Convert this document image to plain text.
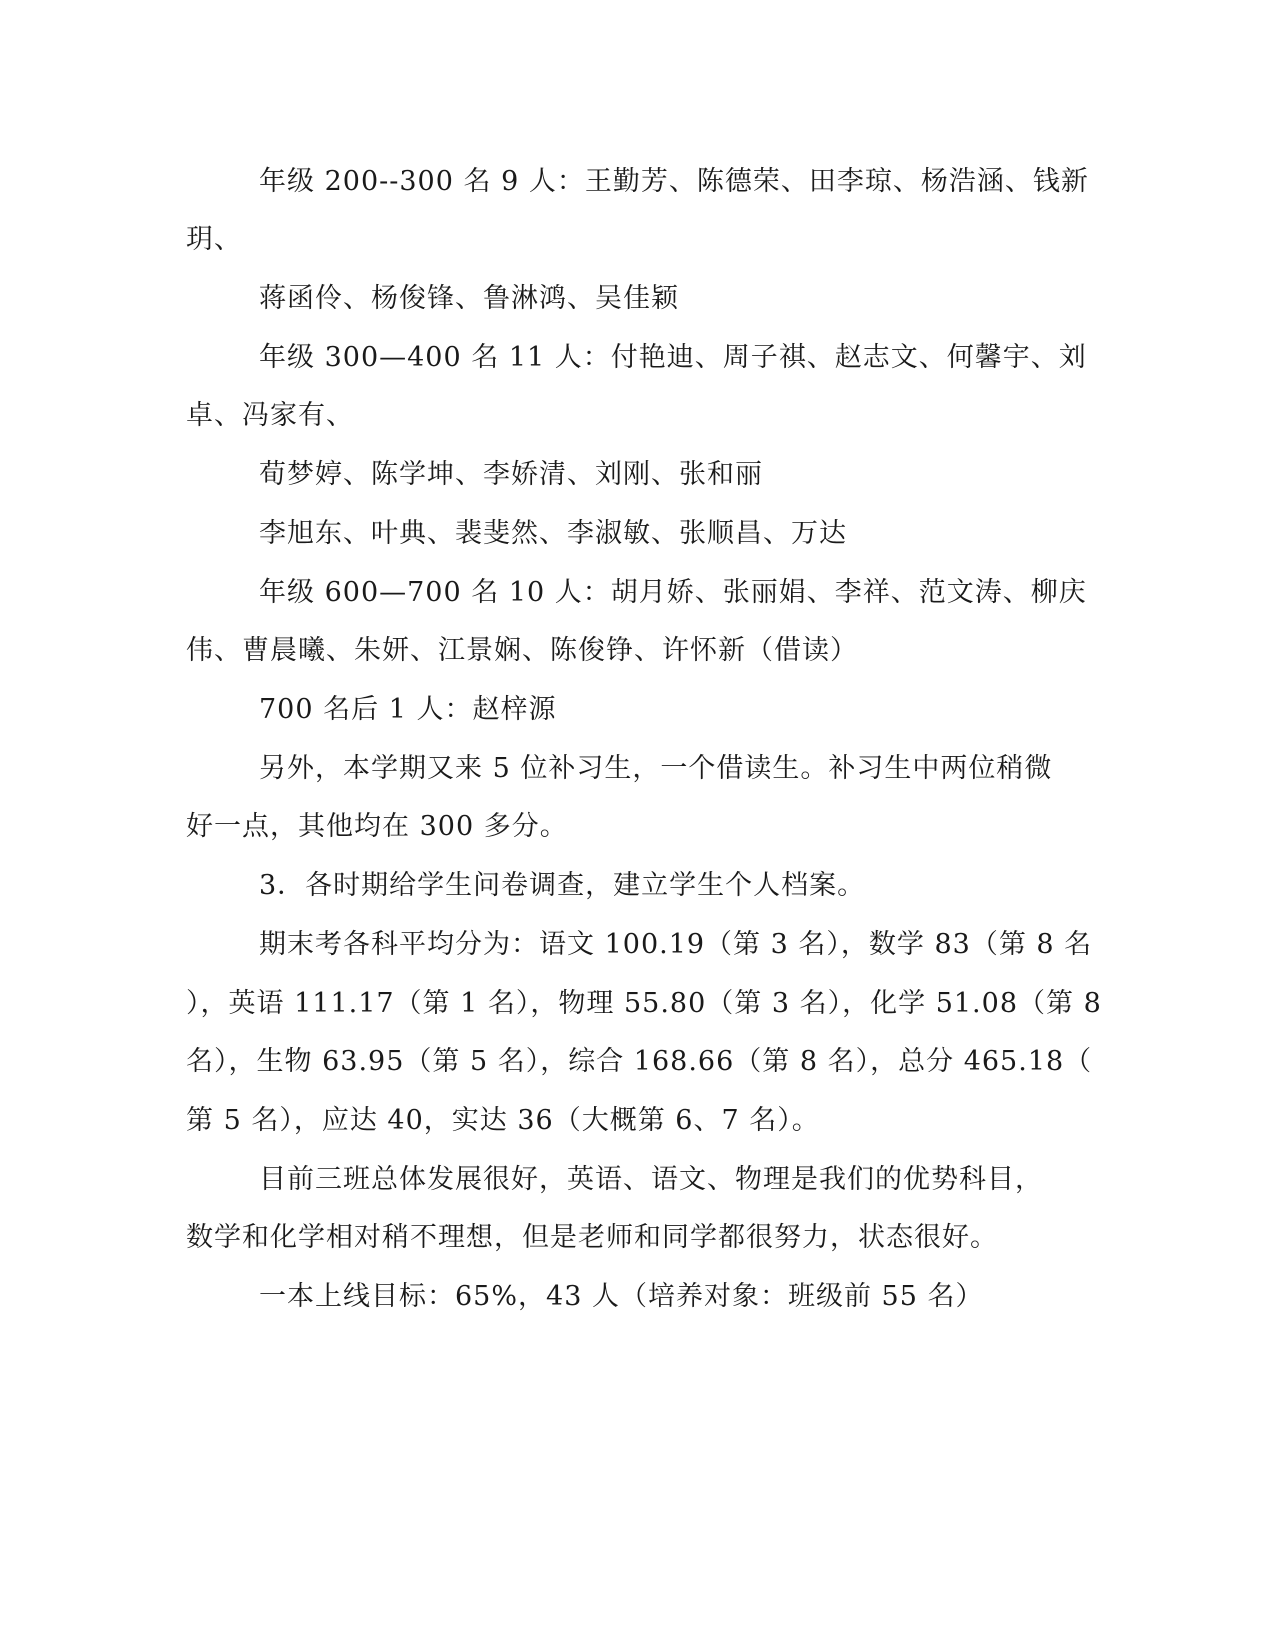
年级 200--300 名 9 人：王勤芳、陈德荣、田李琼、杨浩涵、钱新

玥、

蒋函伶、杨俊锋、鲁淋鸿、吴佳颖

年级 300—400 名 11 人：付艳迪、周子祺、赵志文、何馨宇、刘

卓、冯家有、

荀梦婷、陈学坤、李娇清、刘刚、张和丽

李旭东、叶典、裴斐然、李淑敏、张顺昌、万达

年级 600—700 名 10 人：胡月娇、张丽娟、李祥、范文涛、柳庆

伟、曹晨曦、朱妍、江景娴、陈俊铮、许怀新（借读）

700 名后 1 人：赵梓源

另外，本学期又来 5 位补习生，一个借读生。补习生中两位稍微

好一点，其他均在 300 多分。

3．各时期给学生问卷调查，建立学生个人档案。

期末考各科平均分为：语文 100.19（第 3 名），数学 83（第 8 名

），英语 111.17（第 1 名），物理 55.80（第 3 名），化学 51.08（第 8

名），生物 63.95（第 5 名），综合 168.66（第 8 名），总分 465.18（

第 5 名），应达 40，实达 36（大概第 6、7 名）。

目前三班总体发展很好，英语、语文、物理是我们的优势科目，

数学和化学相对稍不理想，但是老师和同学都很努力，状态很好。

一本上线目标：65%，43 人（培养对象：班级前 55 名）
